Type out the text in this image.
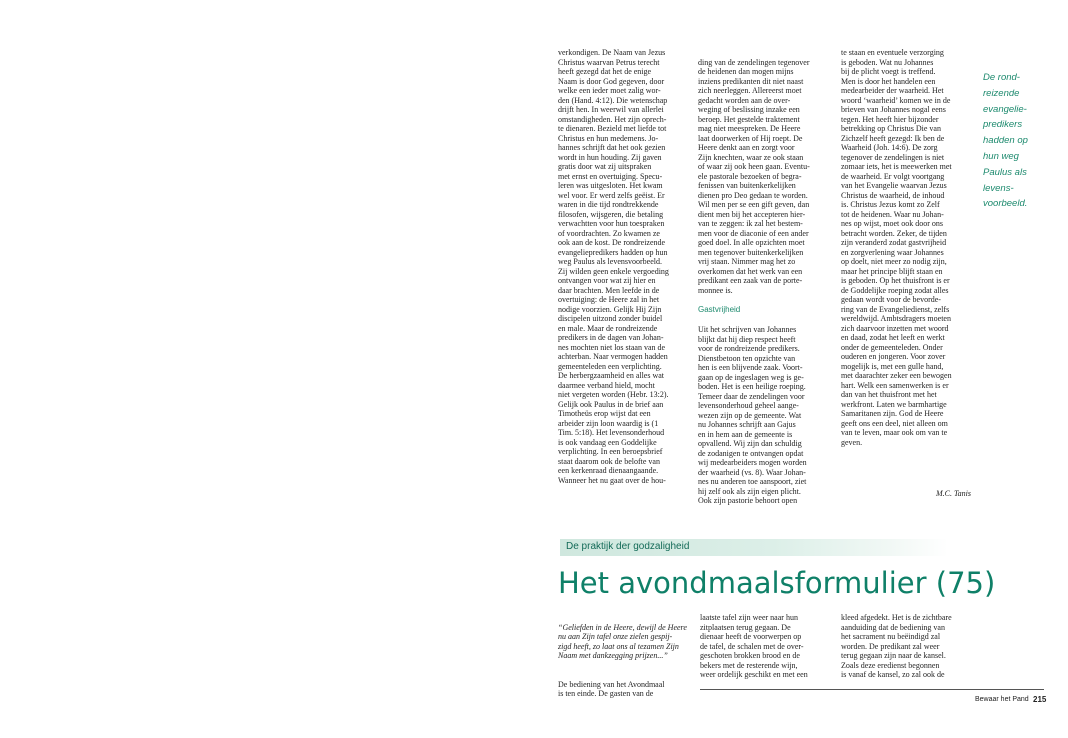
verkondigen. De Naam van Jezus
Christus waarvan Petrus terecht
heeft gezegd dat het de enige
Naam is door God gegeven, door
welke een ieder moet zalig wor-
den (Hand. 4:12). Die wetenschap
drijft hen. In weerwil van allerlei
omstandigheden. Het zijn oprech-
te dienaren. Bezield met liefde tot
Christus en hun medemens. Jo-
hannes schrijft dat het ook gezien
wordt in hun houding. Zij gaven
gratis door wat zij uitspraken
met ernst en overtuiging. Specu-
leren was uitgesloten. Het kwam
wel voor. Er werd zelfs geëist. Er
waren in die tijd rondtrekkende
filosofen, wijsgeren, die betaling
verwachtten voor hun toespraken
of voordrachten. Zo kwamen ze
ook aan de kost. De rondreizende
evangeliepredikers hadden op hun
weg Paulus als levensvoorbeeld.
Zij wilden geen enkele vergoeding
ontvangen voor wat zij hier en
daar brachten. Men leefde in de
overtuiging: de Heere zal in het
nodige voorzien. Gelijk Hij Zijn
discipelen uitzond zonder buidel
en male. Maar de rondreizende
predikers in de dagen van Johan-
nes mochten niet los staan van de
achterban. Naar vermogen hadden
gemeenteleden een verplichting.
De herbergzaamheid en alles wat
daarmee verband hield, mocht
niet vergeten worden (Hebr. 13:2).
Gelijk ook Paulus in de brief aan
Timotheüs erop wijst dat een
arbeider zijn loon waardig is (1
Tim. 5:18). Het levensonderhoud
is ook vandaag een Goddelijke
verplichting. In een beroepsbrief
staat daarom ook de belofte van
een kerkenraad dienaangaande.
Wanneer het nu gaat over de hou-

ding van de zendelingen tegenover
de heidenen dan mogen mijns
inziens predikanten dit niet naast
zich neerleggen. Allereerst moet
gedacht worden aan de over-
weging of beslissing inzake een
beroep. Het gestelde traktement
mag niet meespreken. De Heere
laat doorwerken of Hij roept. De
Heere denkt aan en zorgt voor
Zijn knechten, waar ze ook staan
of waar zij ook heen gaan. Eventu-
ele pastorale bezoeken of begra-
fenissen van buitenkerkelijken
dienen pro Deo gedaan te worden.
Wil men per se een gift geven, dan
dient men bij het accepteren hier-
van te zeggen: ik zal het bestem-
men voor de diaconie of een ander
goed doel. In alle opzichten moet
men tegenover buitenkerkelijken
vrij staan. Nimmer mag het zo
overkomen dat het werk van een
predikant een zaak van de porte-
monnee is.

Gastvrijheid

Uit het schrijven van Johannes
blijkt dat hij diep respect heeft
voor de rondreizende predikers.
Dienstbetoon ten opzichte van
hen is een blijvende zaak. Voort-
gaan op de ingeslagen weg is ge-
boden. Het is een heilige roeping.
Temeer daar de zendelingen voor
levensonderhoud geheel aange-
wezen zijn op de gemeente. Wat
nu Johannes schrijft aan Gajus
en in hem aan de gemeente is
opvallend. Wij zijn dan schuldig
de zodanigen te ontvangen opdat
wij medearbeiders mogen worden
der waarheid (vs. 8). Waar Johan-
nes nu anderen toe aanspoort, ziet
hij zelf ook als zijn eigen plicht.
Ook zijn pastorie behoort open

te staan en eventuele verzorging
is geboden. Wat nu Johannes
bij de plicht voegt is treffend.
Men is door het handelen een
medearbeider der waarheid. Het
woord ‘waarheid’ komen we in de
brieven van Johannes nogal eens
tegen. Het heeft hier bijzonder
betrekking op Christus Die van
Zichzelf heeft gezegd: Ik ben de
Waarheid (Joh. 14:6). De zorg
tegenover de zendelingen is niet
zomaar iets, het is meewerken met
de waarheid. Er volgt voortgang
van het Evangelie waarvan Jezus
Christus de waarheid, de inhoud
is. Christus Jezus komt zo Zelf
tot de heidenen. Waar nu Johan-
nes op wijst, moet ook door ons
betracht worden. Zeker, de tijden
zijn veranderd zodat gastvrijheid
en zorgverlening waar Johannes
op doelt, niet meer zo nodig zijn,
maar het principe blijft staan en
is geboden. Op het thuisfront is er
de Goddelijke roeping zodat alles
gedaan wordt voor de bevorde-
ring van de Evangeliedienst, zelfs
wereldwijd. Ambtsdragers moeten
zich daarvoor inzetten met woord
en daad, zodat het leeft en werkt
onder de gemeenteleden. Onder
ouderen en jongeren. Voor zover
mogelijk is, met een gulle hand,
met daarachter zeker een bewogen
hart. Welk een samenwerken is er
dan van het thuisfront met het
werkfront. Laten we barmhartige
Samaritanen zijn. God de Heere
geeft ons een deel, niet alleen om
van te leven, maar ook om van te
geven.

M.C. Tanis
De rond-
reizende
evangelie-
predikers
hadden op
hun weg
Paulus als
levens-
voorbeeld.
De praktijk der godzaligheid
Het avondmaalsformulier (75)

“Geliefden in de Heere, dewijl de Heere
nu aan Zijn tafel onze zielen gespij-
zigd heeft, zo laat ons al tezamen Zijn
Naam met dankzegging prijzen...”

De bediening van het Avondmaal
is ten einde. De gasten van de

laatste tafel zijn weer naar hun
zitplaatsen terug gegaan. De
dienaar heeft de voorwerpen op
de tafel, de schalen met de over-
geschoten brokken brood en de
bekers met de resterende wijn,
weer ordelijk geschikt en met een

kleed afgedekt. Het is de zichtbare
aanduiding dat de bediening van
het sacrament nu beëindigd zal
worden. De predikant zal weer
terug gegaan zijn naar de kansel.
Zoals deze eredienst begonnen
is vanaf de kansel, zo zal ook de

Bewaar het Pand 215
